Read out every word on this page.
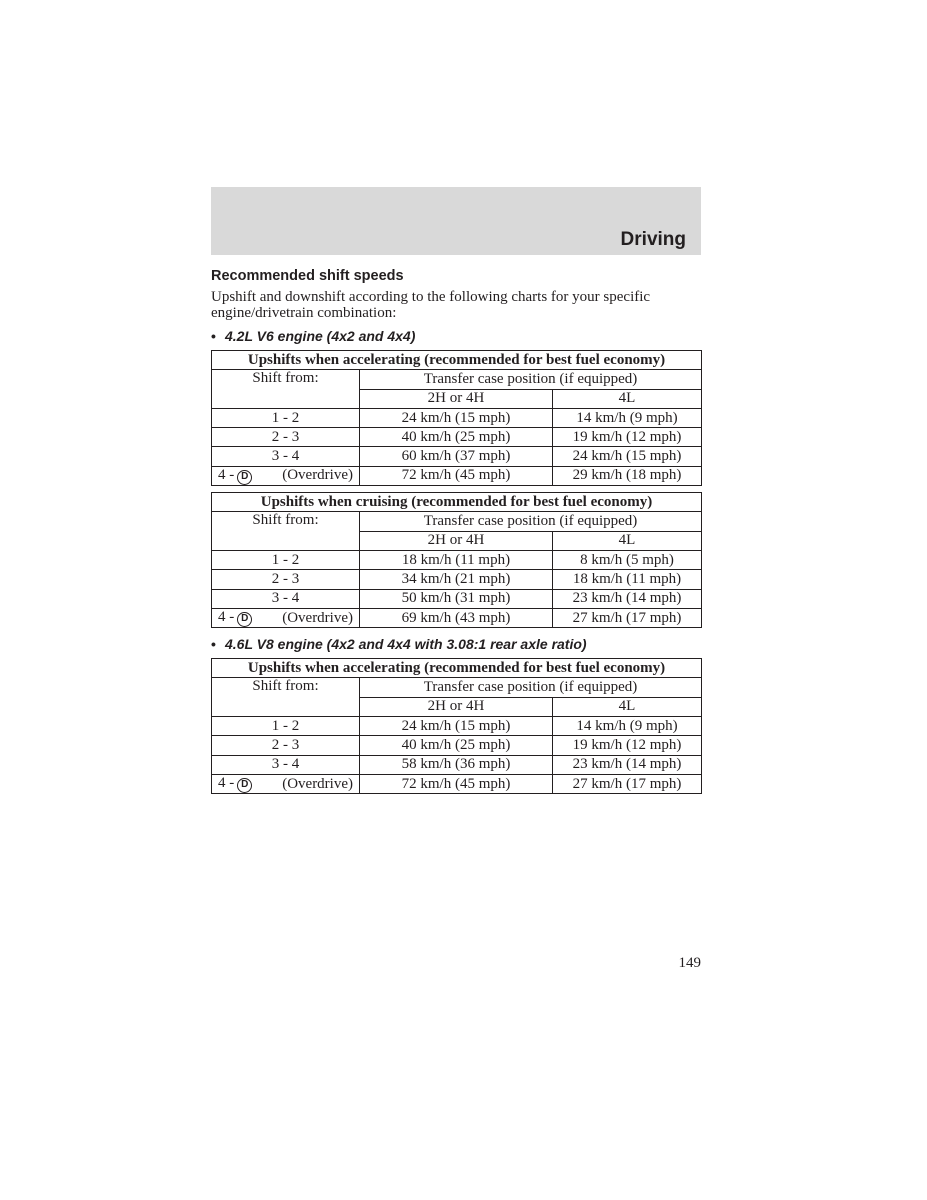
Driving
Recommended shift speeds
Upshift and downshift according to the following charts for your specific engine/drivetrain combination:
• 4.2L V6 engine (4x2 and 4x4)
Upshifts when accelerating (recommended for best fuel economy)		
Shift from:	Transfer case position (if equipped)	
	2H or 4H	4L
1 - 2	24 km/h (15 mph)	14 km/h (9 mph)
2 - 3	40 km/h (25 mph)	19 km/h (12 mph)
3 - 4	60 km/h (37 mph)	24 km/h (15 mph)

4 - D (Overdrive)	72 km/h (45 mph)	29 km/h (18 mph)
Upshifts when cruising (recommended for best fuel economy)		
Shift from:	Transfer case position (if equipped)	
	2H or 4H	4L
1 - 2	18 km/h (11 mph)	8 km/h (5 mph)
2 - 3	34 km/h (21 mph)	18 km/h (11 mph)
3 - 4	50 km/h (31 mph)	23 km/h (14 mph)

4 - D (Overdrive)	69 km/h (43 mph)	27 km/h (17 mph)
• 4.6L V8 engine (4x2 and 4x4 with 3.08:1 rear axle ratio)
Upshifts when accelerating (recommended for best fuel economy)		
Shift from:	Transfer case position (if equipped)	
	2H or 4H	4L
1 - 2	24 km/h (15 mph)	14 km/h (9 mph)
2 - 3	40 km/h (25 mph)	19 km/h (12 mph)
3 - 4	58 km/h (36 mph)	23 km/h (14 mph)

4 - D (Overdrive)	72 km/h (45 mph)	27 km/h (17 mph)
149
